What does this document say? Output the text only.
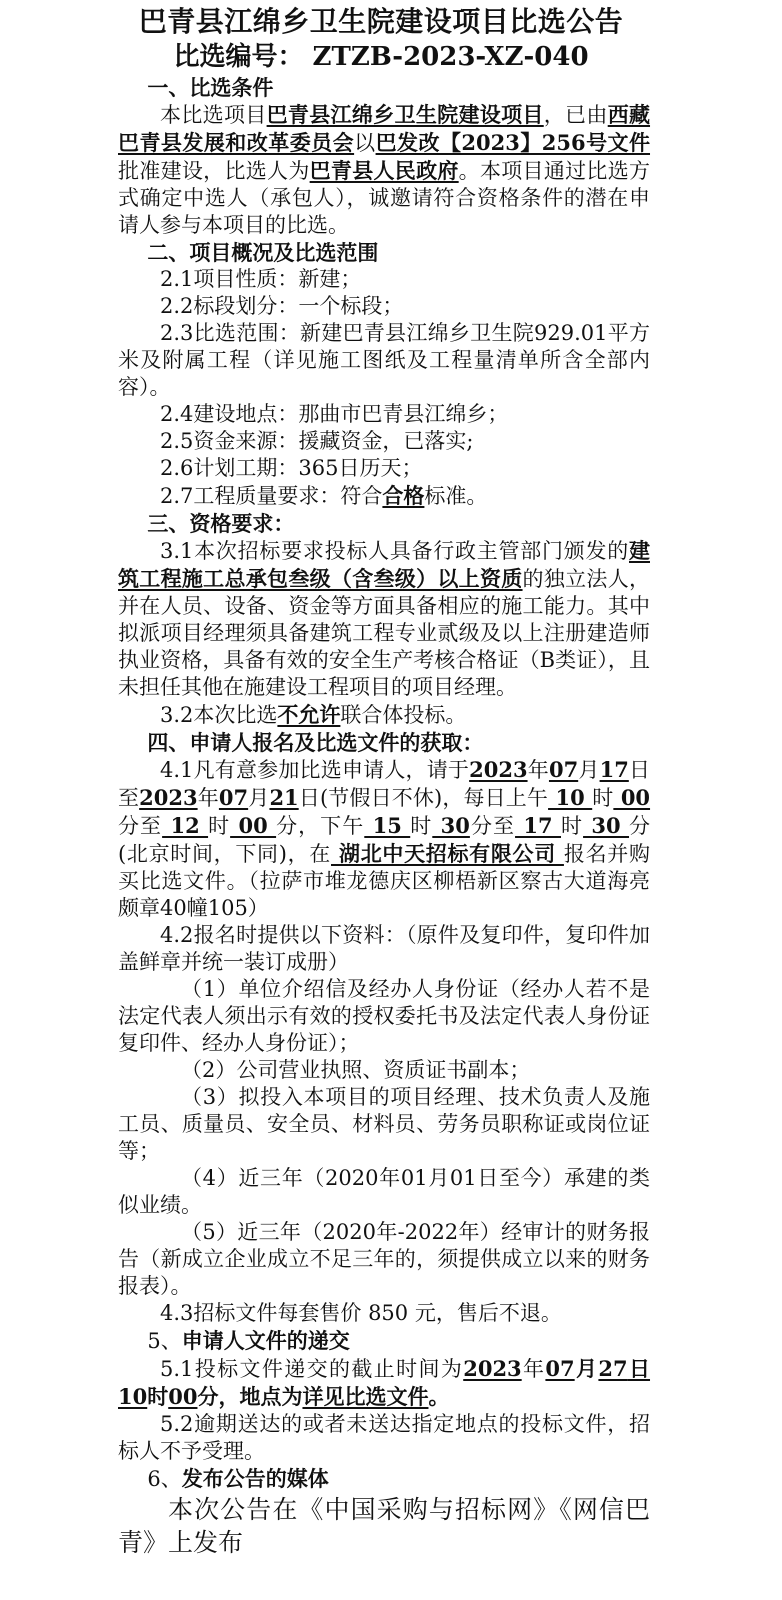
巴青县江绵乡卫生院建设项目比选公告
比选编号： ZTZB-2023-XZ-040

一、比选条件

本比选项目巴青县江绵乡卫生院建设项目，已由西藏巴青县发展和改革委员会以巴发改【2023】256号文件批准建设，比选人为巴青县人民政府。本项目通过比选方式确定中选人（承包人），诚邀请符合资格条件的潜在申请人参与本项目的比选。

二、项目概况及比选范围

2.1项目性质：新建；

2.2标段划分：一个标段；

2.3比选范围：新建巴青县江绵乡卫生院929.01平方米及附属工程（详见施工图纸及工程量清单所含全部内容）。

2.4建设地点：那曲市巴青县江绵乡；

2.5资金来源：援藏资金，已落实;

2.6计划工期：365日历天；

2.7工程质量要求：符合合格标准。

三、资格要求：

3.1本次招标要求投标人具备行政主管部门颁发的建筑工程施工总承包叁级（含叁级）以上资质的独立法人，并在人员、设备、资金等方面具备相应的施工能力。其中拟派项目经理须具备建筑工程专业贰级及以上注册建造师执业资格，具备有效的安全生产考核合格证（B类证），且未担任其他在施建设工程项目的项目经理。

3.2本次比选不允许联合体投标。

四、申请人报名及比选文件的获取：

4.1凡有意参加比选申请人，请于2023年07月17日至2023年07月21日(节假日不休)，每日上午 10 时 00 分至 12 时 00 分，下午 15 时 30分至 17 时 30 分(北京时间，下同)，在 湖北中天招标有限公司 报名并购买比选文件。（拉萨市堆龙德庆区柳梧新区察古大道海亮颇章40幢105）

4.2报名时提供以下资料：（原件及复印件，复印件加盖鲜章并统一装订成册）

（1）单位介绍信及经办人身份证（经办人若不是法定代表人须出示有效的授权委托书及法定代表人身份证复印件、经办人身份证）；

（2）公司营业执照、资质证书副本；

（3）拟投入本项目的项目经理、技术负责人及施工员、质量员、安全员、材料员、劳务员职称证或岗位证等；

（4）近三年（2020年01月01日至今）承建的类似业绩。

（5）近三年（2020年-2022年）经审计的财务报告（新成立企业成立不足三年的，须提供成立以来的财务报表）。

4.3招标文件每套售价 850 元，售后不退。

5、申请人文件的递交

5.1投标文件递交的截止时间为2023年07月27日 10时00分，地点为详见比选文件。

5.2逾期送达的或者未送达指定地点的投标文件，招标人不予受理。

6、发布公告的媒体

本次公告在《中国采购与招标网》《网信巴青》上发布
